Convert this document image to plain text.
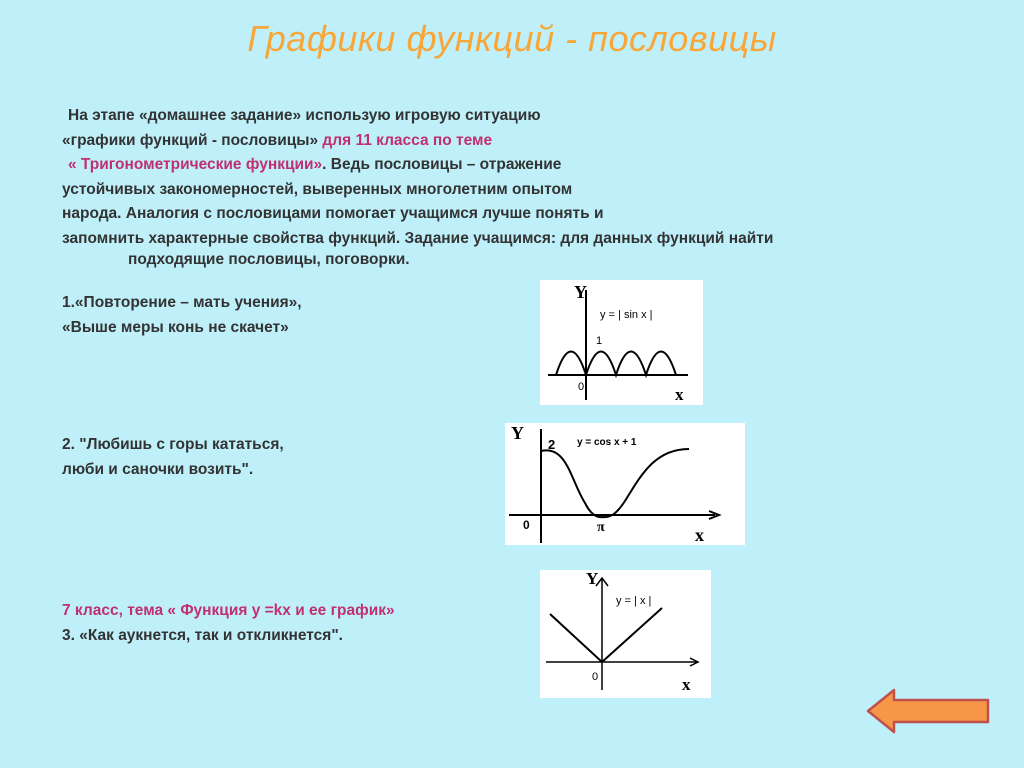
Графики функций - пословицы
На этапе «домашнее задание» использую игровую ситуацию
«графики функций - пословицы» для 11 класса по теме
« Тригонометрические функции». Ведь пословицы – отражение
устойчивых закономерностей, выверенных многолетним опытом
народа. Аналогия с пословицами помогает учащимся лучше понять и
запомнить характерные свойства функций. Задание учащимся: для данных функций найти
подходящие пословицы, поговорки.
1.«Повторение – мать учения»,
«Выше меры конь не скачет»
2. "Любишь с горы кататься,
люби и саночки возить".
7 класс, тема « Функция y =kx и ее график»
3. «Как аукнется, так и откликнется".
Y
y = | sin x |
1
0	x
Y
2 y = cos x + 1
0	π	x
Y
y = | x |
0	x
